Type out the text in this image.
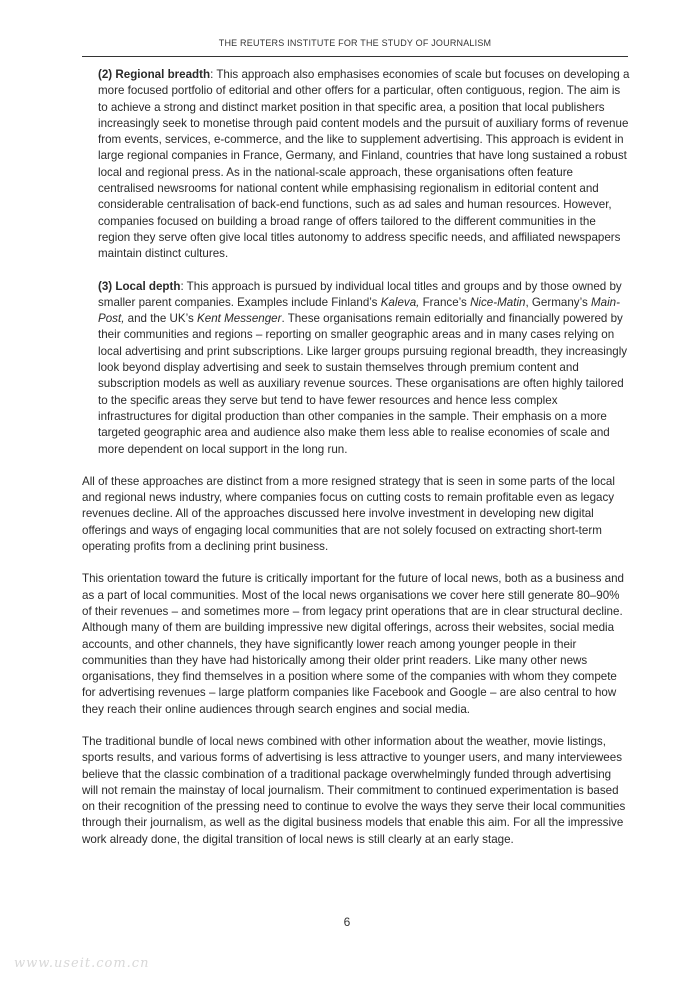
THE REUTERS INSTITUTE FOR THE STUDY OF JOURNALISM

(2) Regional breadth: This approach also emphasises economies of scale but focuses on developing a more focused portfolio of editorial and other offers for a particular, often contiguous, region. The aim is to achieve a strong and distinct market position in that specific area, a position that local publishers increasingly seek to monetise through paid content models and the pursuit of auxiliary forms of revenue from events, services, e-commerce, and the like to supplement advertising. This approach is evident in large regional companies in France, Germany, and Finland, countries that have long sustained a robust local and regional press. As in the national-scale approach, these organisations often feature centralised newsrooms for national content while emphasising regionalism in editorial content and considerable centralisation of back-end functions, such as ad sales and human resources. However, companies focused on building a broad range of offers tailored to the different communities in the region they serve often give local titles autonomy to address specific needs, and affiliated newspapers maintain distinct cultures.

(3) Local depth: This approach is pursued by individual local titles and groups and by those owned by smaller parent companies. Examples include Finland’s Kaleva, France’s Nice-Matin, Germany’s Main-Post, and the UK’s Kent Messenger. These organisations remain editorially and financially powered by their communities and regions – reporting on smaller geographic areas and in many cases relying on local advertising and print subscriptions. Like larger groups pursuing regional breadth, they increasingly look beyond display advertising and seek to sustain themselves through premium content and subscription models as well as auxiliary revenue sources. These organisations are often highly tailored to the specific areas they serve but tend to have fewer resources and hence less complex infrastructures for digital production than other companies in the sample. Their emphasis on a more targeted geographic area and audience also make them less able to realise economies of scale and more dependent on local support in the long run.

All of these approaches are distinct from a more resigned strategy that is seen in some parts of the local and regional news industry, where companies focus on cutting costs to remain profitable even as legacy revenues decline. All of the approaches discussed here involve investment in developing new digital offerings and ways of engaging local communities that are not solely focused on extracting short-term operating profits from a declining print business.

This orientation toward the future is critically important for the future of local news, both as a business and as a part of local communities. Most of the local news organisations we cover here still generate 80–90% of their revenues – and sometimes more – from legacy print operations that are in clear structural decline. Although many of them are building impressive new digital offerings, across their websites, social media accounts, and other channels, they have significantly lower reach among younger people in their communities than they have had historically among their older print readers. Like many other news organisations, they find themselves in a position where some of the companies with whom they compete for advertising revenues – large platform companies like Facebook and Google – are also central to how they reach their online audiences through search engines and social media.

The traditional bundle of local news combined with other information about the weather, movie listings, sports results, and various forms of advertising is less attractive to younger users, and many interviewees believe that the classic combination of a traditional package overwhelmingly funded through advertising will not remain the mainstay of local journalism. Their commitment to continued experimentation is based on their recognition of the pressing need to continue to evolve the ways they serve their local communities through their journalism, as well as the digital business models that enable this aim. For all the impressive work already done, the digital transition of local news is still clearly at an early stage.

6
www.useit.com.cn
